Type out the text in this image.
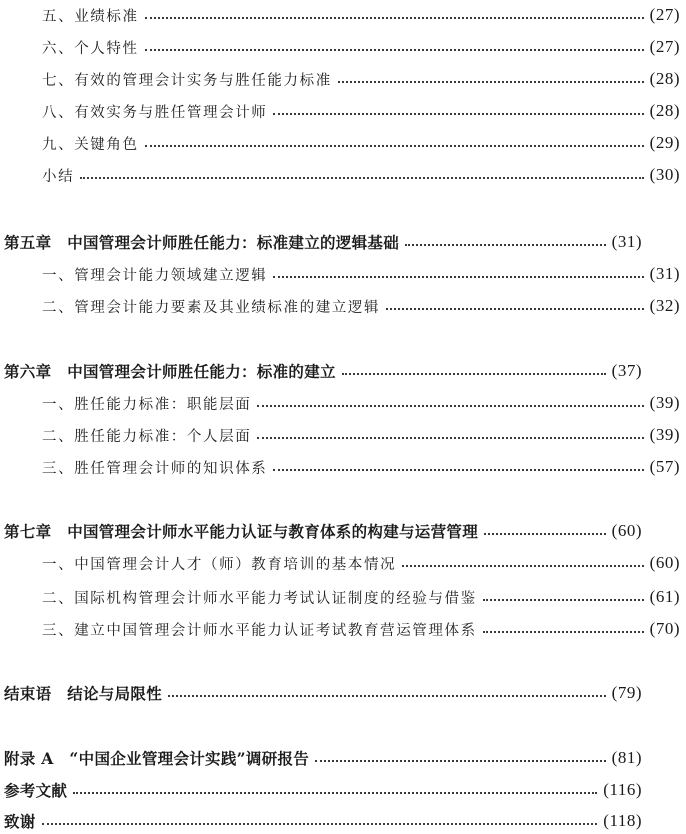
五、业绩标准	(27)
六、个人特性	(27)
七、有效的管理会计实务与胜任能力标准	(28)
八、有效实务与胜任管理会计师	(28)
九、关键角色	(29)
小结	(30)
第五章　中国管理会计师胜任能力：标准建立的逻辑基础	(31)
一、管理会计能力领域建立逻辑	(31)
二、管理会计能力要素及其业绩标准的建立逻辑	(32)
第六章　中国管理会计师胜任能力：标准的建立	(37)
一、胜任能力标准：职能层面	(39)
二、胜任能力标准：个人层面	(39)
三、胜任管理会计师的知识体系	(57)
第七章　中国管理会计师水平能力认证与教育体系的构建与运营管理	(60)
一、中国管理会计人才（师）教育培训的基本情况	(60)
二、国际机构管理会计师水平能力考试认证制度的经验与借鉴	(61)
三、建立中国管理会计师水平能力认证考试教育营运管理体系	(70)
结束语　结论与局限性	(79)
附录 A　“中国企业管理会计实践”调研报告	(81)
参考文献	(116)
致谢	(118)
